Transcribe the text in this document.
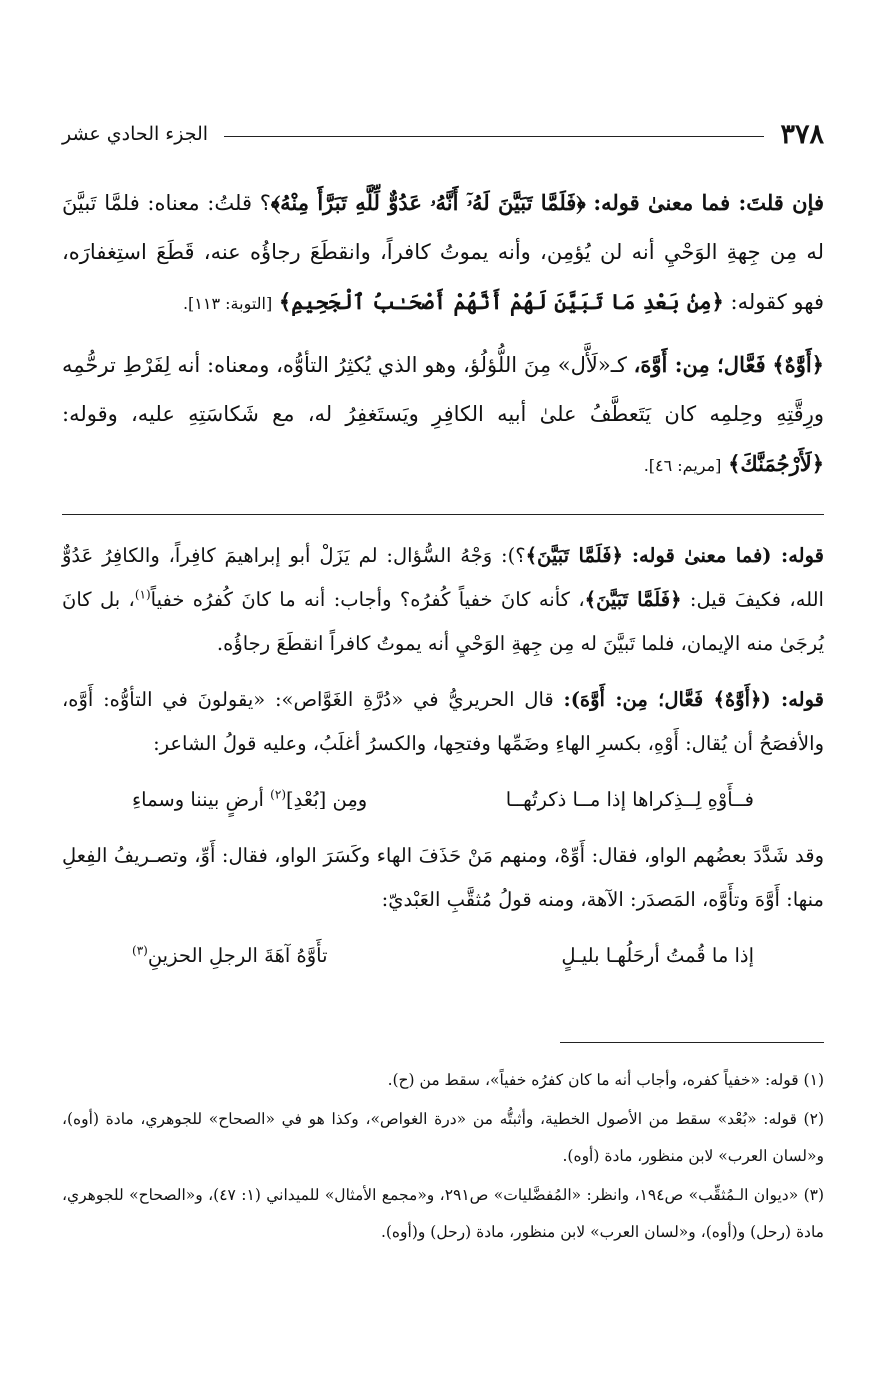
٣٧٨
الجزء الحادي عشر

فإن قلتَ: فما معنىٰ قوله: ﴿فَلَمَّا تَبَيَّنَ لَهُۥٓ أَنَّهُۥ عَدُوٌّ لِّلَّهِ تَبَرَّأَ مِنْهُ﴾؟ قلتُ: معناه: فلمَّا تَبيَّنَ له مِن جِهةِ الوَحْيِ أنه لن يُؤمِن، وأنه يموتُ كافراً، وانقطَعَ رجاؤُه عنه، قَطَعَ استِغفارَه، فهو كقوله: ﴿مِنۢ بَعْدِ مَا تَبَيَّنَ لَهُمْ أَنَّهُمْ أَصْحَـٰبُ ٱلْجَحِيمِ﴾ [التوبة: ١١٣].

﴿أَوَّٰهٌ﴾ فَعَّال؛ مِن: أَوَّهَ، كـ«لَأَّل» مِنَ اللُّؤلُؤ، وهو الذي يُكثِرُ التأوُّه، ومعناه: أنه لِفَرْطِ ترحُّمِه ورِقَّتِهِ وحِلمِه كان يَتَعطَّفُ علىٰ أبيه الكافِرِ ويَستَغفِرُ له، مع شَكاسَتِهِ عليه، وقوله: ﴿لَأَرْجُمَنَّكَ﴾ [مريم: ٤٦].

قوله: (فما معنىٰ قوله: ﴿فَلَمَّا تَبَيَّنَ﴾؟): وَجْهُ السُّؤال: لم يَزَلْ أبو إبراهيمَ كافِراً، والكافِرُ عَدُوٌّ الله، فكيفَ قيل: ﴿فَلَمَّا تَبَيَّنَ﴾، كأنه كانَ خفياً كُفرُه؟ وأجاب: أنه ما كانَ كُفرُه خفياً$^{(١)}$، بل كانَ يُرجَىٰ منه الإيمان، فلما تَبيَّنَ له مِن جِهةِ الوَحْيِ أنه يموتُ كافراً انقطَعَ رجاؤُه.

قوله: (﴿أَوَّٰهٌ﴾ فَعَّال؛ مِن: أَوَّهَ): قال الحريريُّ في «دُرَّةِ الغَوَّاص»: «يقولونَ في التأوُّه: أَوَّه، والأفصَحُ أن يُقال: أَوْهِ، بكسرِ الهاءِ وضَمِّها وفتحِها، والكسرُ أغلَبُ، وعليه قولُ الشاعر:

فــأَوْهِ لِــذِكراها إذا مــا ذكرتُهــا
ومِن [بُعْدِ]$^{(٢)}$ أرضٍ بيننا وسماءِ

وقد شَدَّدَ بعضُهم الواو، فقال: أَوِّهْ، ومنهم مَنْ حَذَفَ الهاء وكَسَرَ الواو، فقال: أَوِّ، وتصـريفُ الفِعلِ منها: أَوَّهَ وتأَوَّه، المَصدَر: الآهة، ومنه قولُ مُثقَّبِ العَبْديّ:

إذا ما قُمتُ أرحَلُهـا بليـلٍ
تأَوَّهُ آهَةَ الرجلِ الحزينِ$^{(٣)}$

(١) قوله: «خفياً كفره، وأجاب أنه ما كان كفرُه خفياً»، سقط من (ح).

(٢) قوله: «بُعْد» سقط من الأصول الخطية، وأثبتُّه من «درة الغواص»، وكذا هو في «الصحاح» للجوهري، مادة (أوه)، و«لسان العرب» لابن منظور، مادة (أوه).

(٣) «ديوان الـمُثقِّب» ص١٩٤، وانظر: «المُفضَّليات» ص٢٩١، و«مجمع الأمثال» للميداني (١: ٤٧)، و«الصحاح» للجوهري، مادة (رحل) و(أوه)، و«لسان العرب» لابن منظور، مادة (رحل) و(أوه).
